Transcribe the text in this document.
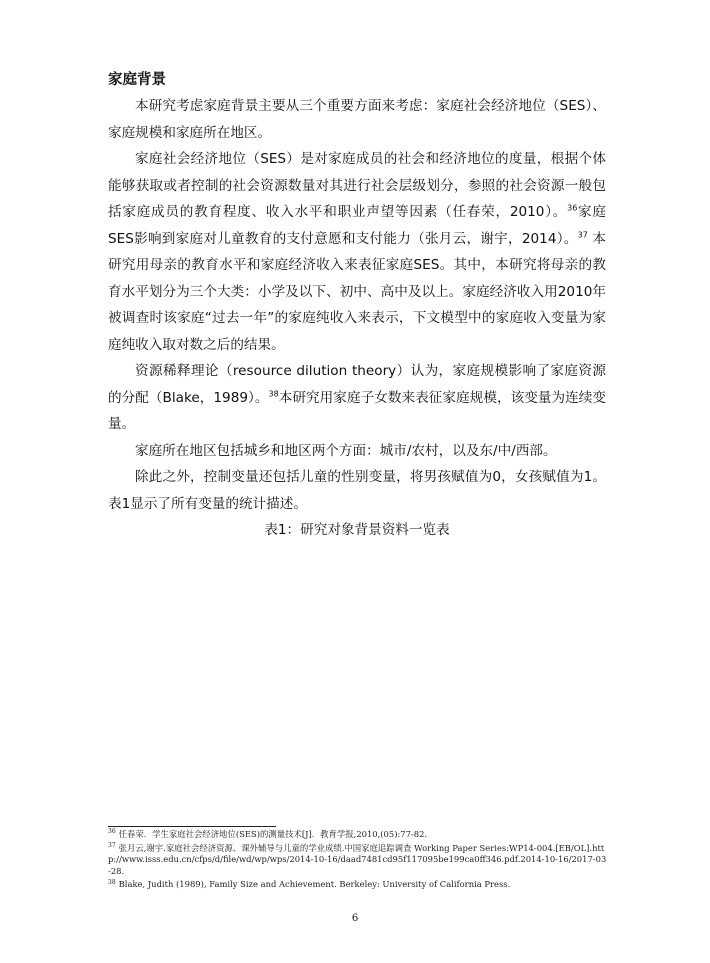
家庭背景

本研究考虑家庭背景主要从三个重要方面来考虑：家庭社会经济地位（SES）、家庭规模和家庭所在地区。

家庭社会经济地位（SES）是对家庭成员的社会和经济地位的度量，根据个体能够获取或者控制的社会资源数量对其进行社会层级划分，参照的社会资源一般包括家庭成员的教育程度、收入水平和职业声望等因素（任春荣，2010）。$^{36}$家庭SES影响到家庭对儿童教育的支付意愿和支付能力（张月云，谢宇，2014）。$^{37}$ 本研究用母亲的教育水平和家庭经济收入来表征家庭SES。其中，本研究将母亲的教育水平划分为三个大类：小学及以下、初中、高中及以上。家庭经济收入用2010年被调查时该家庭“过去一年”的家庭纯收入来表示，下文模型中的家庭收入变量为家庭纯收入取对数之后的结果。

资源稀释理论（resource dilution theory）认为，家庭规模影响了家庭资源的分配（Blake，1989）。$^{38}$本研究用家庭子女数来表征家庭规模，该变量为连续变量。

家庭所在地区包括城乡和地区两个方面：城市/农村，以及东/中/西部。

除此之外，控制变量还包括儿童的性别变量，将男孩赋值为0，女孩赋值为1。表1显示了所有变量的统计描述。

表1：研究对象背景资料一览表
$^{36}$ 任春荣．学生家庭社会经济地位(SES)的测量技术[J]．教育学报,2010,(05):77-82.
$^{37}$ 张月云,谢宇.家庭社会经济资源、课外辅导与儿童的学业成绩.中国家庭追踪调查 Working Paper Series:WP14-004.[EB/OL].http://www.isss.edu.cn/cfps/d/file/wd/wp/wps/2014-10-16/daad7481cd95f117095be199ca0ff346.pdf.2014-10-16/2017-03-28.
$^{38}$ Blake, Judith (1989), Family Size and Achievement. Berkeley: University of California Press.
6
